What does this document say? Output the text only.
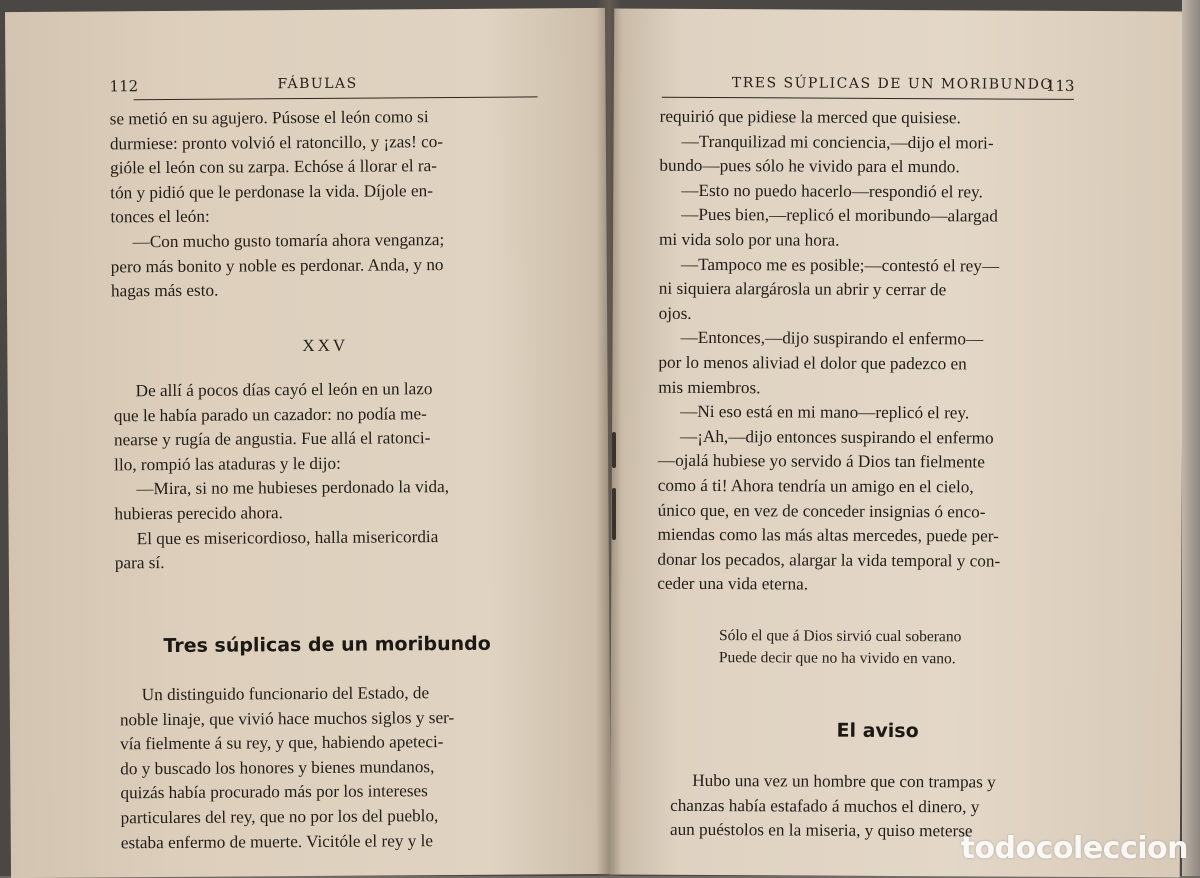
112	FÁBULAS

se metió en su agujero. Púsose el león como si

durmiese: pronto volvió el ratoncillo, y ¡zas! co-

gióle el león con su zarpa. Echóse á llorar el ra-

tón y pidió que le perdonase la vida. Díjole en-

tonces el león:

—Con mucho gusto tomaría ahora venganza;

pero más bonito y noble es perdonar. Anda, y no

hagas más esto.

XXV

De allí á pocos días cayó el león en un lazo

que le había parado un cazador: no podía me-

nearse y rugía de angustia. Fue allá el ratonci-

llo, rompió las ataduras y le dijo:

—Mira, si no me hubieses perdonado la vida,

hubieras perecido ahora.

El que es misericordioso, halla misericordia

para sí.

Tres súplicas de un moribundo

Un distinguido funcionario del Estado, de

noble linaje, que vivió hace muchos siglos y ser-

vía fielmente á su rey, y que, habiendo apeteci-

do y buscado los honores y bienes mundanos,

quizás había procurado más por los intereses

particulares del rey, que no por los del pueblo,

estaba enfermo de muerte. Vicitóle el rey y le

TRES SÚPLICAS DE UN MORIBUNDO
113

requirió que pidiese la merced que quisiese.

—Tranquilizad mi conciencia,—dijo el mori-

bundo—pues sólo he vivido para el mundo.

—Esto no puedo hacerlo—respondió el rey.

—Pues bien,—replicó el moribundo—alargad

mi vida solo por una hora.

—Tampoco me es posible;—contestó el rey—

ni siquiera alargárosla un abrir y cerrar de

ojos.

—Entonces,—dijo suspirando el enfermo—

por lo menos aliviad el dolor que padezco en

mis miembros.

—Ni eso está en mi mano—replicó el rey.

—¡Ah,—dijo entonces suspirando el enfermo

—ojalá hubiese yo servido á Dios tan fielmente

como á ti! Ahora tendría un amigo en el cielo,

único que, en vez de conceder insignias ó enco-

miendas como las más altas mercedes, puede per-

donar los pecados, alargar la vida temporal y con-

ceder una vida eterna.

Sólo el que á Dios sirvió cual soberano
Puede decir que no ha vivido en vano.
El aviso

Hubo una vez un hombre que con trampas y

chanzas había estafado á muchos el dinero, y

aun puéstolos en la miseria, y quiso meterse

todocoleccion
